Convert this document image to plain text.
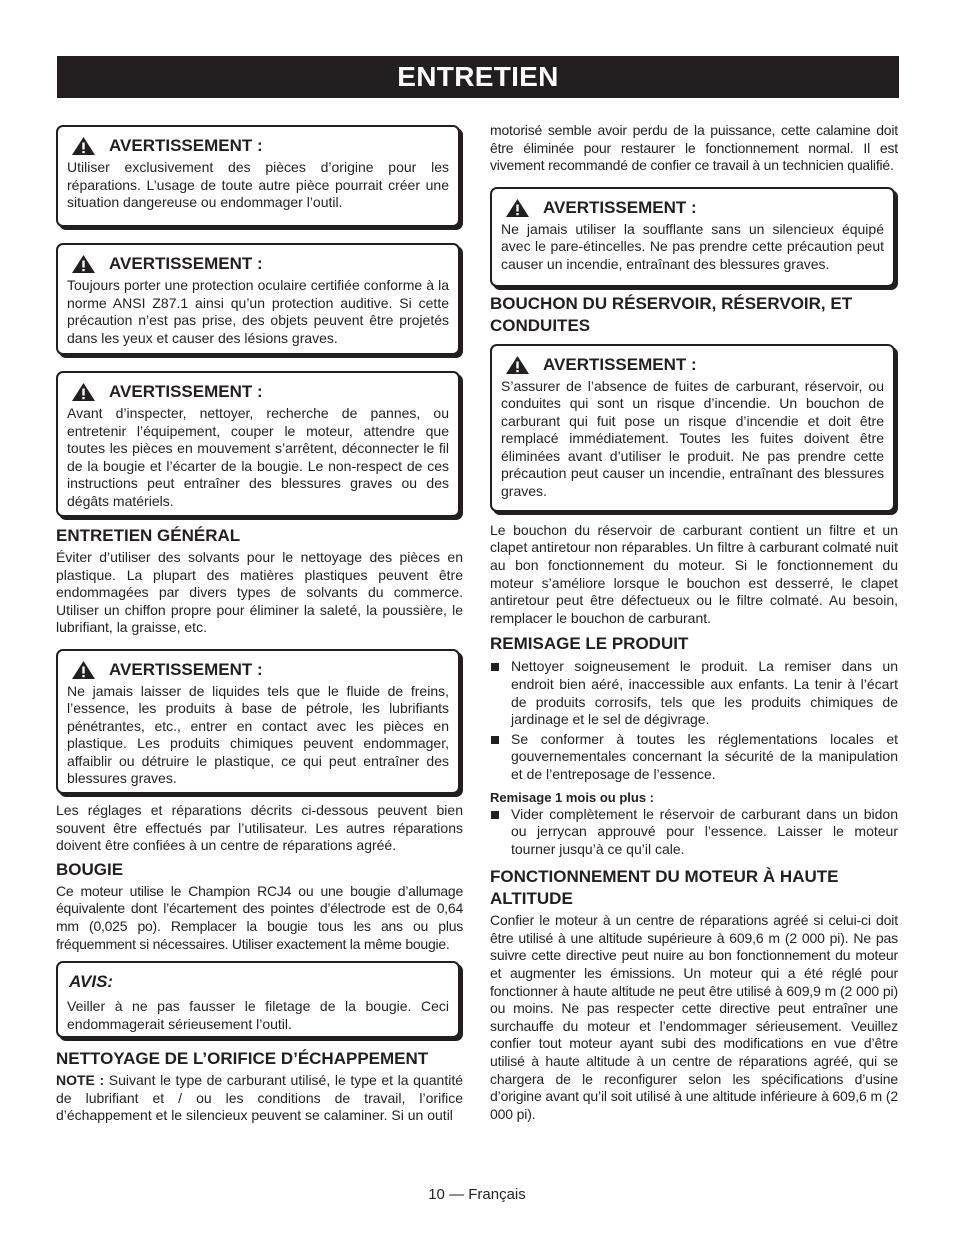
ENTRETIEN
AVERTISSEMENT :

Utiliser exclusivement des pièces d’origine pour les réparations. L’usage de toute autre pièce pourrait créer une situation dangereuse ou endommager l’outil.

AVERTISSEMENT :

Toujours porter une protection oculaire certifiée conforme à la norme ANSI Z87.1 ainsi qu’un protection auditive. Si cette précaution n’est pas prise, des objets peuvent être projetés dans les yeux et causer des lésions graves.

AVERTISSEMENT :

Avant d’inspecter, nettoyer, recherche de pannes, ou entretenir l’équipement, couper le moteur, attendre que toutes les pièces en mouvement s’arrêtent, déconnecter le fil de la bougie et l’écarter de la bougie. Le non-respect de ces instructions peut entraîner des blessures graves ou des dégâts matériels.

ENTRETIEN GÉNÉRAL

Éviter d’utiliser des solvants pour le nettoyage des pièces en plastique. La plupart des matières plastiques peuvent être endommagées par divers types de solvants du commerce. Utiliser un chiffon propre pour éliminer la saleté, la poussière, le lubrifiant, la graisse, etc.

AVERTISSEMENT :

Ne jamais laisser de liquides tels que le fluide de freins, l’essence, les produits à base de pétrole, les lubrifiants pénétrantes, etc., entrer en contact avec les pièces en plastique. Les produits chimiques peuvent endommager, affaiblir ou détruire le plastique, ce qui peut entraîner des blessures graves.

Les réglages et réparations décrits ci-dessous peuvent bien souvent être effectués par l’utilisateur. Les autres réparations doivent être confiées à un centre de réparations agréé.

BOUGIE

Ce moteur utilise le Champion RCJ4 ou une bougie d’allumage équivalente dont l’écartement des pointes d’électrode est de 0,64 mm (0,025 po). Remplacer la bougie tous les ans ou plus fréquemment si nécessaires. Utiliser exactement la même bougie.

AVIS:

Veiller à ne pas fausser le filetage de la bougie. Ceci endommagerait sérieusement l’outil.

NETTOYAGE DE L’ORIFICE D’ÉCHAPPEMENT

NOTE : Suivant le type de carburant utilisé, le type et la quantité de lubrifiant et / ou les conditions de travail, l’orifice d’échappement et le silencieux peuvent se calaminer. Si un outil

motorisé semble avoir perdu de la puissance, cette calamine doit être éliminée pour restaurer le fonctionnement normal. Il est vivement recommandé de confier ce travail à un technicien qualifié.

AVERTISSEMENT :

Ne jamais utiliser la soufflante sans un silencieux équipé avec le pare-étincelles. Ne pas prendre cette précaution peut causer un incendie, entraînant des blessures graves.

BOUCHON DU RÉSERVOIR, RÉSERVOIR, ET CONDUITES
AVERTISSEMENT :

S’assurer de l’absence de fuites de carburant, réservoir, ou conduites qui sont un risque d’incendie. Un bouchon de carburant qui fuit pose un risque d’incendie et doit être remplacé immédiatement. Toutes les fuites doivent être éliminées avant d’utiliser le produit. Ne pas prendre cette précaution peut causer un incendie, entraînant des blessures graves.

Le bouchon du réservoir de carburant contient un filtre et un clapet antiretour non réparables. Un filtre à carburant colmaté nuit au bon fonctionnement du moteur. Si le fonctionnement du moteur s’améliore lorsque le bouchon est desserré, le clapet antiretour peut être défectueux ou le filtre colmaté. Au besoin, remplacer le bouchon de carburant.

REMISAGE LE PRODUIT
Nettoyer soigneusement le produit. La remiser dans un endroit bien aéré, inaccessible aux enfants. La tenir à l’écart de produits corrosifs, tels que les produits chimiques de jardinage et le sel de dégivrage.
Se conformer à toutes les réglementations locales et gouvernementales concernant la sécurité de la manipulation et de l’entreposage de l’essence.

Remisage 1 mois ou plus :

Vider complètement le réservoir de carburant dans un bidon ou jerrycan approuvé pour l’essence. Laisser le moteur tourner jusqu’à ce qu’il cale.
FONCTIONNEMENT DU MOTEUR À HAUTE ALTITUDE

Confier le moteur à un centre de réparations agréé si celui-ci doit être utilisé à une altitude supérieure à 609,6 m (2 000 pi). Ne pas suivre cette directive peut nuire au bon fonctionnement du moteur et augmenter les émissions. Un moteur qui a été réglé pour fonctionner à haute altitude ne peut être utilisé à 609,9 m (2 000 pi) ou moins. Ne pas respecter cette directive peut entraîner une surchauffe du moteur et l’endommager sérieusement. Veuillez confier tout moteur ayant subi des modifications en vue d’être utilisé à haute altitude à un centre de réparations agréé, qui se chargera de le reconfigurer selon les spécifications d’usine d’origine avant qu’il soit utilisé à une altitude inférieure à 609,6 m (2 000 pi).

10 — Français
